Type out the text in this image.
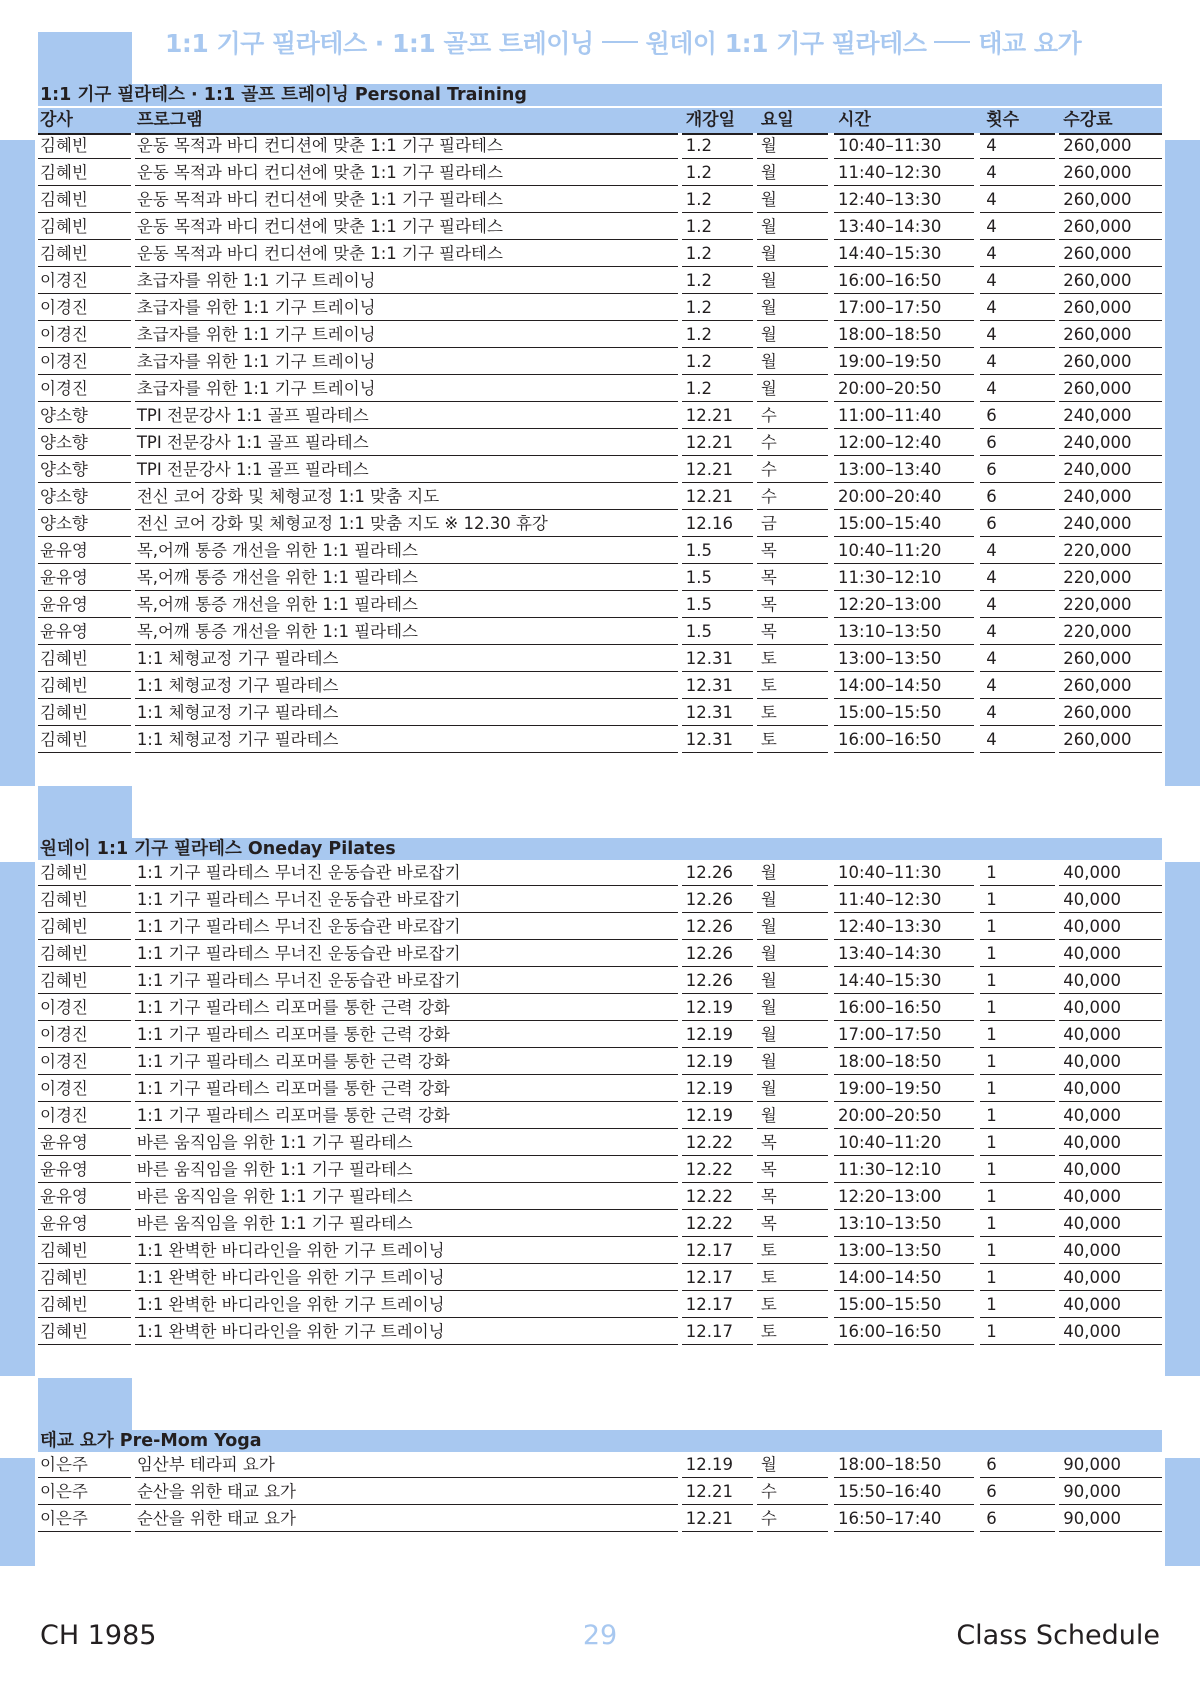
1:1 기구 필라테스 · 1:1 골프 트레이닝 원데이 1:1 기구 필라테스 태교 요가
1:1 기구 필라테스 · 1:1 골프 트레이닝 Personal Training
강사	프로그램	개강일	요일	시간	횟수	수강료
김혜빈	운동 목적과 바디 컨디션에 맞춘 1:1 기구 필라테스	1.2	월	10:40–11:30	4	260,000
김혜빈	운동 목적과 바디 컨디션에 맞춘 1:1 기구 필라테스	1.2	월	11:40–12:30	4	260,000
김혜빈	운동 목적과 바디 컨디션에 맞춘 1:1 기구 필라테스	1.2	월	12:40–13:30	4	260,000
김혜빈	운동 목적과 바디 컨디션에 맞춘 1:1 기구 필라테스	1.2	월	13:40–14:30	4	260,000
김혜빈	운동 목적과 바디 컨디션에 맞춘 1:1 기구 필라테스	1.2	월	14:40–15:30	4	260,000
이경진	초급자를 위한 1:1 기구 트레이닝	1.2	월	16:00–16:50	4	260,000
이경진	초급자를 위한 1:1 기구 트레이닝	1.2	월	17:00–17:50	4	260,000
이경진	초급자를 위한 1:1 기구 트레이닝	1.2	월	18:00–18:50	4	260,000
이경진	초급자를 위한 1:1 기구 트레이닝	1.2	월	19:00–19:50	4	260,000
이경진	초급자를 위한 1:1 기구 트레이닝	1.2	월	20:00–20:50	4	260,000
양소향	TPI 전문강사 1:1 골프 필라테스	12.21	수	11:00–11:40	6	240,000
양소향	TPI 전문강사 1:1 골프 필라테스	12.21	수	12:00–12:40	6	240,000
양소향	TPI 전문강사 1:1 골프 필라테스	12.21	수	13:00–13:40	6	240,000
양소향	전신 코어 강화 및 체형교정 1:1 맞춤 지도	12.21	수	20:00–20:40	6	240,000
양소향	전신 코어 강화 및 체형교정 1:1 맞춤 지도 ※ 12.30 휴강	12.16	금	15:00–15:40	6	240,000
윤유영	목,어깨 통증 개선을 위한 1:1 필라테스	1.5	목	10:40–11:20	4	220,000
윤유영	목,어깨 통증 개선을 위한 1:1 필라테스	1.5	목	11:30–12:10	4	220,000
윤유영	목,어깨 통증 개선을 위한 1:1 필라테스	1.5	목	12:20–13:00	4	220,000
윤유영	목,어깨 통증 개선을 위한 1:1 필라테스	1.5	목	13:10–13:50	4	220,000
김혜빈	1:1 체형교정 기구 필라테스	12.31	토	13:00–13:50	4	260,000
김혜빈	1:1 체형교정 기구 필라테스	12.31	토	14:00–14:50	4	260,000
김혜빈	1:1 체형교정 기구 필라테스	12.31	토	15:00–15:50	4	260,000
김혜빈	1:1 체형교정 기구 필라테스	12.31	토	16:00–16:50	4	260,000
원데이 1:1 기구 필라테스 Oneday Pilates
김혜빈	1:1 기구 필라테스 무너진 운동습관 바로잡기	12.26	월	10:40–11:30	1	40,000
김혜빈	1:1 기구 필라테스 무너진 운동습관 바로잡기	12.26	월	11:40–12:30	1	40,000
김혜빈	1:1 기구 필라테스 무너진 운동습관 바로잡기	12.26	월	12:40–13:30	1	40,000
김혜빈	1:1 기구 필라테스 무너진 운동습관 바로잡기	12.26	월	13:40–14:30	1	40,000
김혜빈	1:1 기구 필라테스 무너진 운동습관 바로잡기	12.26	월	14:40–15:30	1	40,000
이경진	1:1 기구 필라테스 리포머를 통한 근력 강화	12.19	월	16:00–16:50	1	40,000
이경진	1:1 기구 필라테스 리포머를 통한 근력 강화	12.19	월	17:00–17:50	1	40,000
이경진	1:1 기구 필라테스 리포머를 통한 근력 강화	12.19	월	18:00–18:50	1	40,000
이경진	1:1 기구 필라테스 리포머를 통한 근력 강화	12.19	월	19:00–19:50	1	40,000
이경진	1:1 기구 필라테스 리포머를 통한 근력 강화	12.19	월	20:00–20:50	1	40,000
윤유영	바른 움직임을 위한 1:1 기구 필라테스	12.22	목	10:40–11:20	1	40,000
윤유영	바른 움직임을 위한 1:1 기구 필라테스	12.22	목	11:30–12:10	1	40,000
윤유영	바른 움직임을 위한 1:1 기구 필라테스	12.22	목	12:20–13:00	1	40,000
윤유영	바른 움직임을 위한 1:1 기구 필라테스	12.22	목	13:10–13:50	1	40,000
김혜빈	1:1 완벽한 바디라인을 위한 기구 트레이닝	12.17	토	13:00–13:50	1	40,000
김혜빈	1:1 완벽한 바디라인을 위한 기구 트레이닝	12.17	토	14:00–14:50	1	40,000
김혜빈	1:1 완벽한 바디라인을 위한 기구 트레이닝	12.17	토	15:00–15:50	1	40,000
김혜빈	1:1 완벽한 바디라인을 위한 기구 트레이닝	12.17	토	16:00–16:50	1	40,000
태교 요가 Pre-Mom Yoga
이은주	임산부 테라피 요가	12.19	월	18:00–18:50	6	90,000
이은주	순산을 위한 태교 요가	12.21	수	15:50–16:40	6	90,000
이은주	순산을 위한 태교 요가	12.21	수	16:50–17:40	6	90,000
CH 1985	29	Class Schedule
